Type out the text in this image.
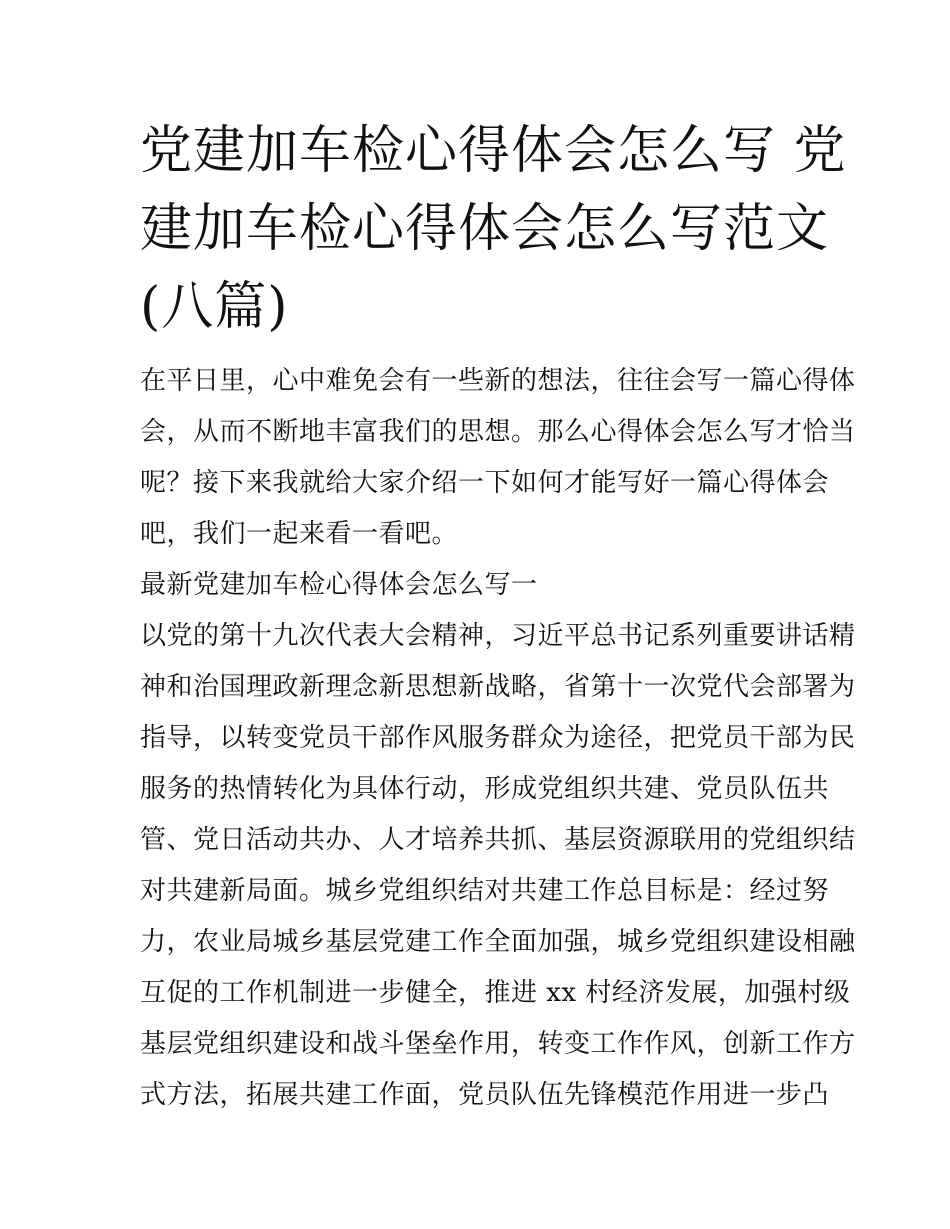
党建加车检心得体会怎么写 党
建加车检心得体会怎么写范文
(八篇)
在平日里，心中难免会有一些新的想法，往往会写一篇心得体
会，从而不断地丰富我们的思想。那么心得体会怎么写才恰当
呢？接下来我就给大家介绍一下如何才能写好一篇心得体会
吧，我们一起来看一看吧。
最新党建加车检心得体会怎么写一
以党的第十九次代表大会精神，习近平总书记系列重要讲话精
神和治国理政新理念新思想新战略，省第十一次党代会部署为
指导，以转变党员干部作风服务群众为途径，把党员干部为民
服务的热情转化为具体行动，形成党组织共建、党员队伍共
管、党日活动共办、人才培养共抓、基层资源联用的党组织结
对共建新局面。城乡党组织结对共建工作总目标是：经过努
力，农业局城乡基层党建工作全面加强，城乡党组织建设相融
互促的工作机制进一步健全，推进 xx 村经济发展，加强村级
基层党组织建设和战斗堡垒作用，转变工作作风，创新工作方
式方法，拓展共建工作面，党员队伍先锋模范作用进一步凸
